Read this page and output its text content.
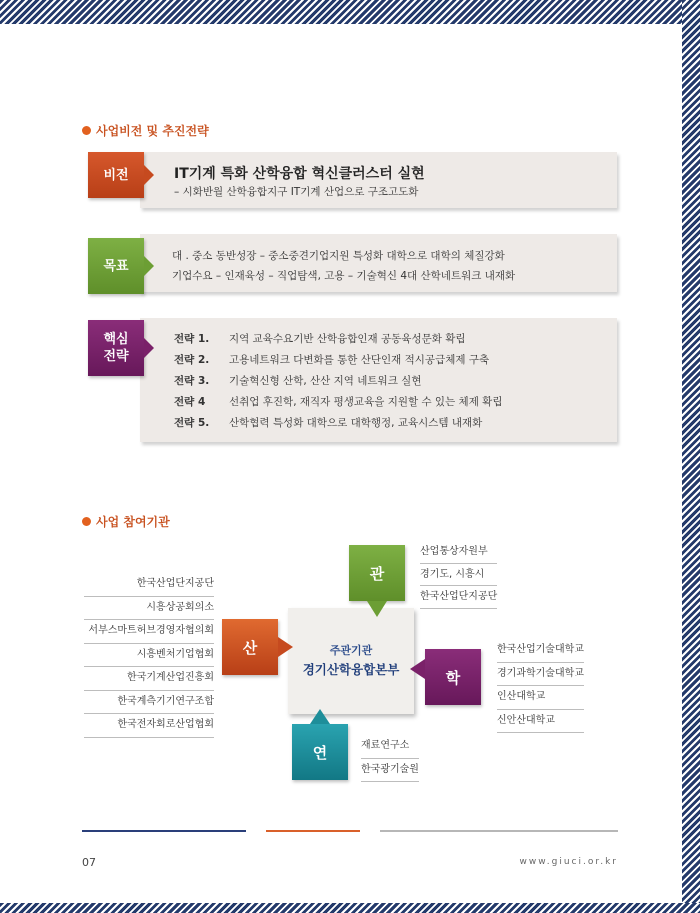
사업비전 및 추진전략
비전	IT기계 특화 산학융합 혁신클러스터 실현
– 시화반월 산학융합지구 IT기계 산업으로 구조고도화
목표
대 . 중소 동반성장 – 중소중견기업지원 특성화 대학으로 대학의 체질강화
기업수요 – 인재육성 – 직업탐색, 고용 – 기술혁신 4대 산학네트워크 내재화
핵심
전략
전략 1.	지역 교육수요기반 산학융합인재 공동육성문화 확립
전략 2.	고용네트워크 다변화를 통한 산단인재 적시공급체제 구축
전략 3.	기술혁신형 산학, 산산 지역 네트워크 실현
전략 4	선취업 후진학, 재직자 평생교육을 지원할 수 있는 체제 확립
전략 5.	산학협력 특성화 대학으로 대학행정, 교육시스템 내재화
사업 참여기관
산업통상자원부
경기도, 시흥시
한국산업단지공단
한국산업단지공단
시흥상공회의소
서부스마트허브경영자협의회
시흥벤처기업협회
한국기계산업진흥회
한국계측기기연구조합
한국전자회로산업협회
한국산업기술대학교
경기과학기술대학교
인산대학교
신안산대학교
재료연구소
한국광기술원
주관기관
경기산학융합본부
관
산
학
연
07	www.giuci.or.kr
